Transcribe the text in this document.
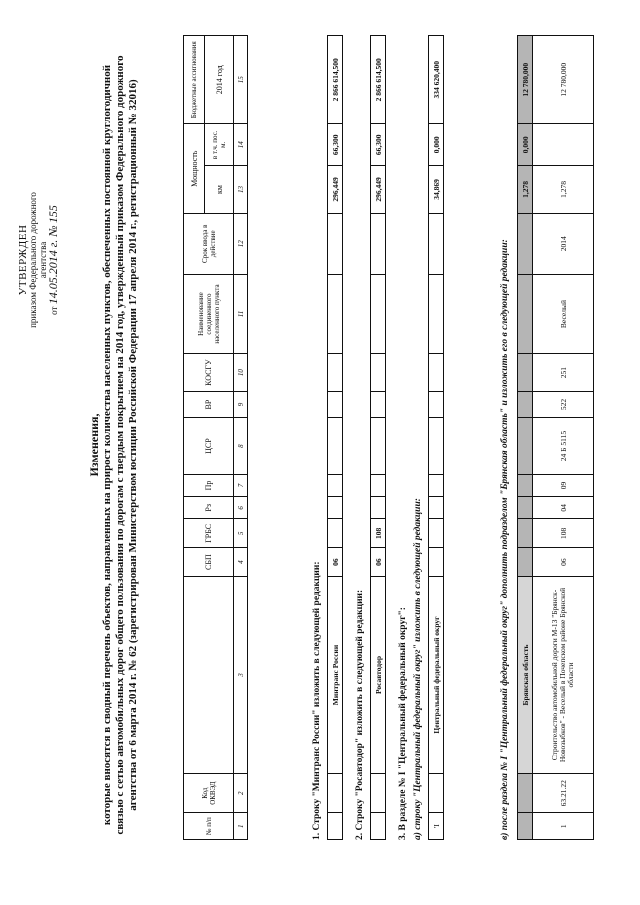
УТВЕРЖДЕН приказом Федерального дорожного агентства
от 14.05.2014 г. № 155
Изменения, которые вносятся в сводный перечень объектов, направленных на прирост количества населенных пунктов, обеспеченных постоянной круглогодичной связью с сетью автомобильных дорог общего пользования по дорогам с твердым покрытием на 2014 год, утвержденный приказом Федерального дорожного агентства от 6 марта 2014 г. № 62 (зарегистрирован Министерством юстиции Российской Федерации 17 апреля 2014 г., регистрационный № 32016)
№ п/п	Код ОКВЭД		СБП	ГРБС	Рз	Пр	ЦСР	ВР	КОСГУ	Наименование соединенного населенного пункта	Срок ввода в действие	Мощность		Бюджетные ассигнования
												км	в т.ч. пос. м.	2014 год
1	2	3	4	5	6	7	8	9	10	11	12	13	14	15
1. Строку "Минтранс России" изложить в следующей редакции:
		Минтранс России	06									296,449	66,300	2 866 614,500
2. Строку "Росавтодор" изложить в следующей редакции:
		Росавтодор	06	108								296,449	66,300	2 866 614,500
3. В разделе № I "Центральный федеральный округ": а) строку "Центральный федеральный округ" изложить в следующей редакции: 'I		Центральный федеральный округ										34,869	0,000	334 620,400
в) после раздела № I "Центральный федеральный округ" дополнить подразделом "Брянская область" и изложить его в следующей редакции:
		Брянская область										1,278	0,000	12 780,000
1	63.21.22	Строительство автомобильной дороги М-13 "Брянск-Новозыбков" - Веселый в Почепском районе Брянской области	06	108	04	09	24 Б 5115	522	251	Веселый	2014	1,278		12 780,000
